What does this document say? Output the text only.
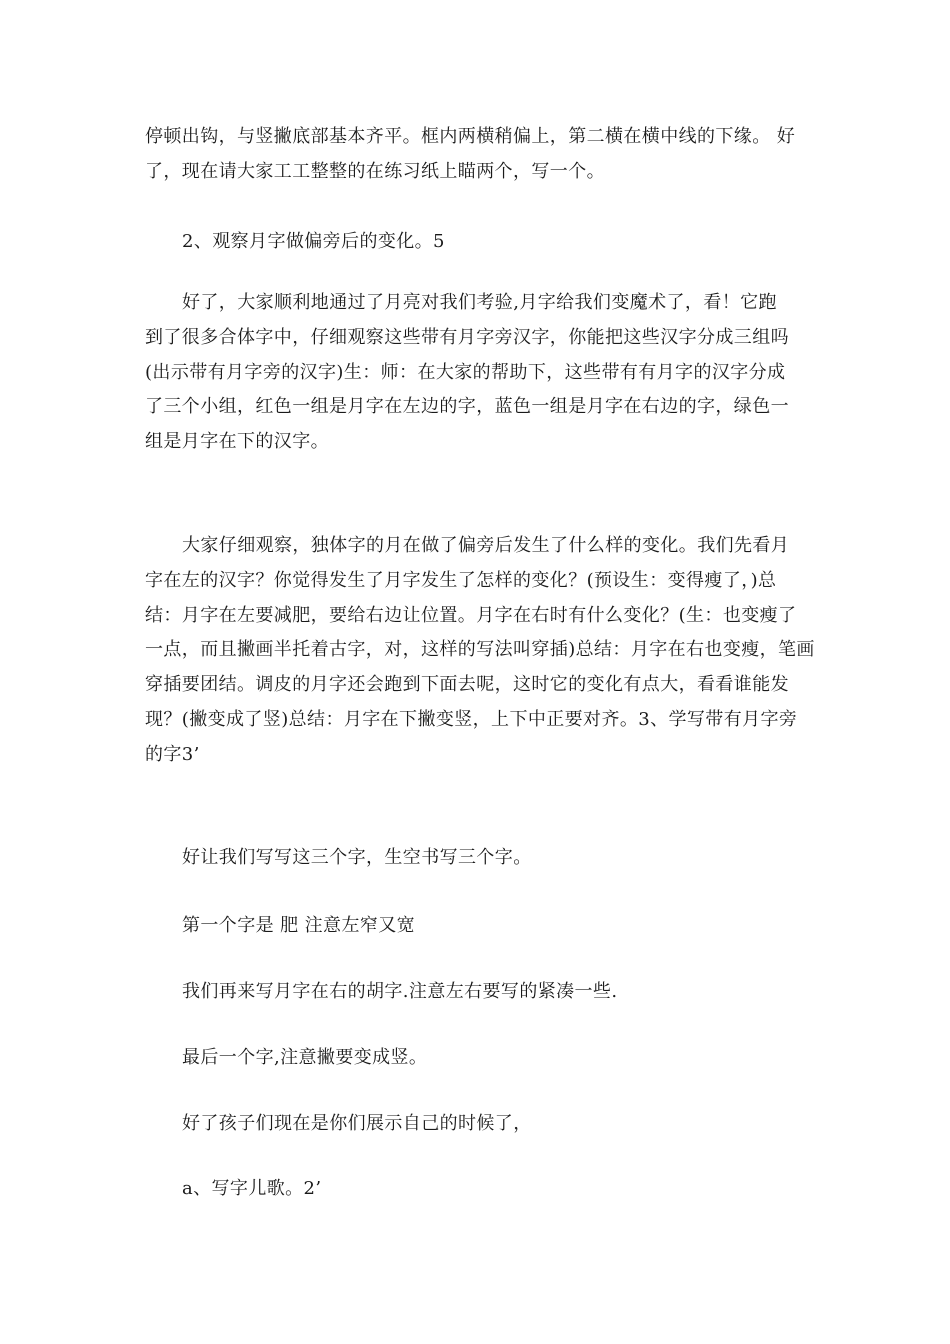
停顿出钩，与竖撇底部基本齐平。框内两横稍偏上，第二横在横中线的下缘。 好
了，现在请大家工工整整的在练习纸上瞄两个，写一个。
2、观察月字做偏旁后的变化。5
好了，大家顺利地通过了月亮对我们考验,月字给我们变魔术了，看！它跑
到了很多合体字中，仔细观察这些带有月字旁汉字，你能把这些汉字分成三组吗
(出示带有月字旁的汉字)生：师：在大家的帮助下，这些带有有月字的汉字分成
了三个小组，红色一组是月字在左边的字，蓝色一组是月字在右边的字，绿色一
组是月字在下的汉字。
大家仔细观察，独体字的月在做了偏旁后发生了什么样的变化。我们先看月
字在左的汉字？你觉得发生了月字发生了怎样的变化？(预设生：变得瘦了，)总
结：月字在左要减肥，要给右边让位置。月字在右时有什么变化？(生：也变瘦了
一点，而且撇画半托着古字，对，这样的写法叫穿插)总结：月字在右也变瘦，笔画
穿插要团结。调皮的月字还会跑到下面去呢，这时它的变化有点大，看看谁能发
现？(撇变成了竖)总结：月字在下撇变竖，上下中正要对齐。3、学写带有月字旁
的字3’
好让我们写写这三个字，生空书写三个字。
第一个字是 肥 注意左窄又宽
我们再来写月字在右的胡字.注意左右要写的紧凑一些.
最后一个字,注意撇要变成竖。
好了孩子们现在是你们展示自己的时候了，
a、写字儿歌。2’
